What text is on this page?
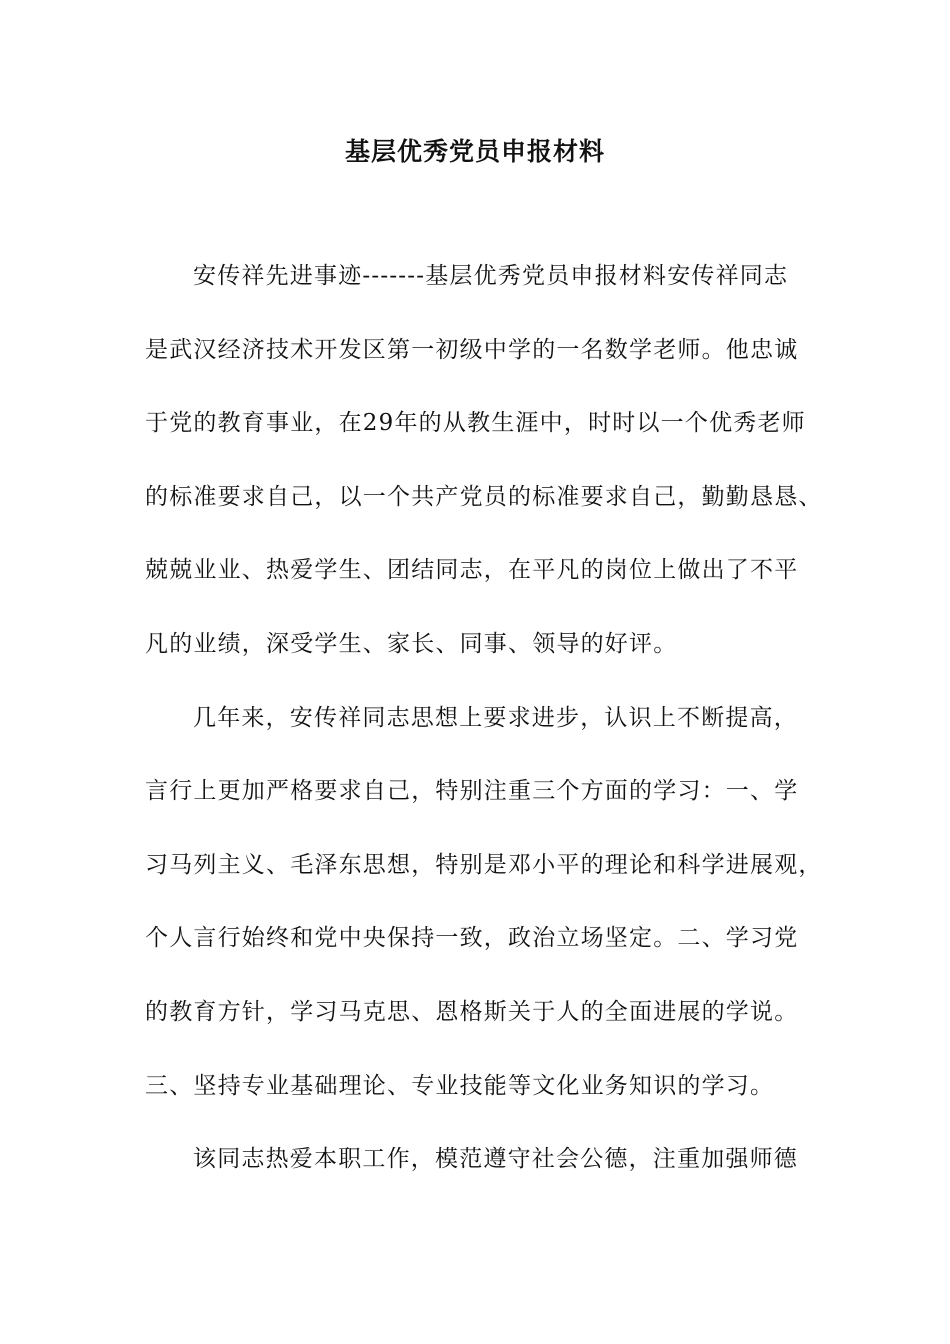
基层优秀党员申报材料
安传祥先进事迹-------基层优秀党员申报材料安传祥同志
是武汉经济技术开发区第一初级中学的一名数学老师。他忠诚
于党的教育事业，在29年的从教生涯中，时时以一个优秀老师
的标准要求自己，以一个共产党员的标准要求自己，勤勤恳恳、
兢兢业业、热爱学生、团结同志，在平凡的岗位上做出了不平
凡的业绩，深受学生、家长、同事、领导的好评。
几年来，安传祥同志思想上要求进步，认识上不断提高，
言行上更加严格要求自己，特别注重三个方面的学习：一、学
习马列主义、毛泽东思想，特别是邓小平的理论和科学进展观，
个人言行始终和党中央保持一致，政治立场坚定。二、学习党
的教育方针，学习马克思、恩格斯关于人的全面进展的学说。
三、坚持专业基础理论、专业技能等文化业务知识的学习。
该同志热爱本职工作，模范遵守社会公德，注重加强师德
